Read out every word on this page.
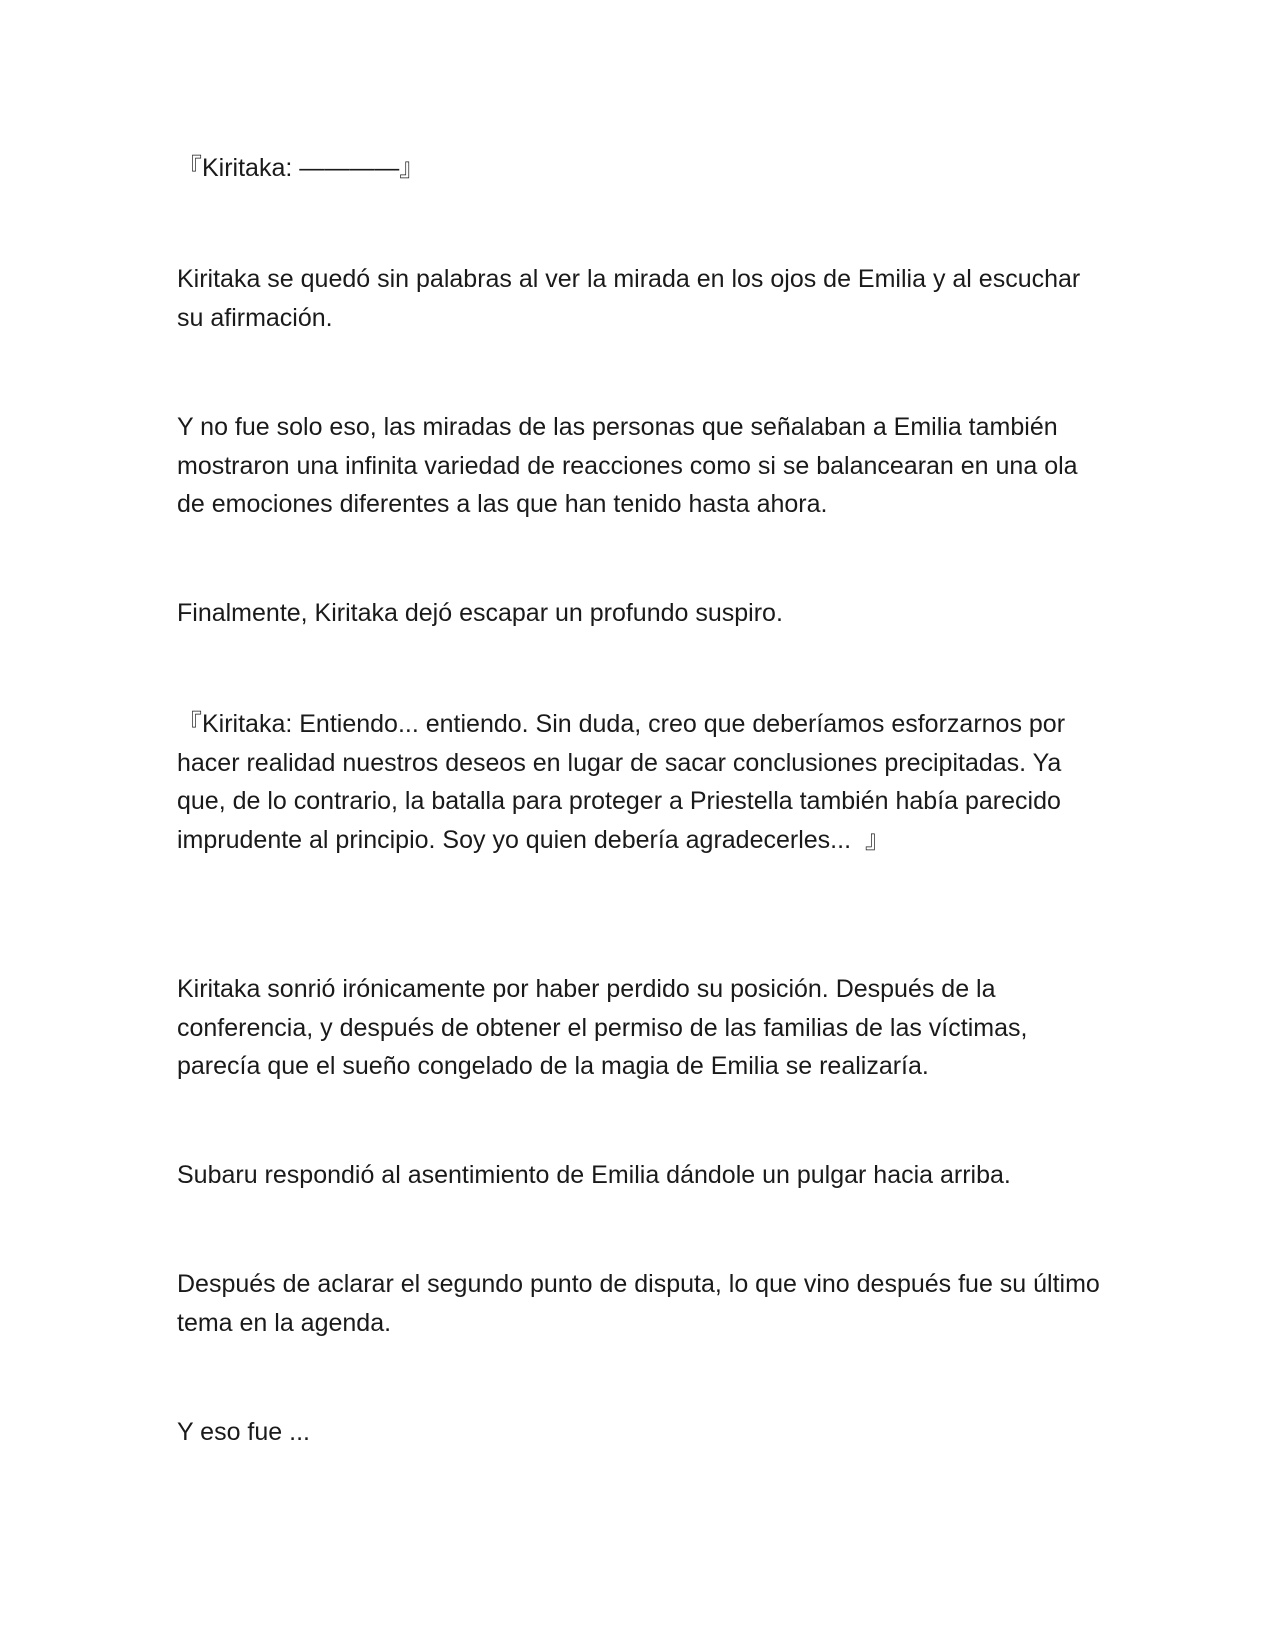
『Kiritaka: ————』

Kiritaka se quedó sin palabras al ver la mirada en los ojos de Emilia y al escuchar su afirmación.

Y no fue solo eso, las miradas de las personas que señalaban a Emilia también mostraron una infinita variedad de reacciones como si se balancearan en una ola de emociones diferentes a las que han tenido hasta ahora.

Finalmente, Kiritaka dejó escapar un profundo suspiro.

『Kiritaka: Entiendo... entiendo. Sin duda, creo que deberíamos esforzarnos por hacer realidad nuestros deseos en lugar de sacar conclusiones precipitadas. Ya que, de lo contrario, la batalla para proteger a Priestella también había parecido imprudente al principio. Soy yo quien debería agradecerles...  』

Kiritaka sonrió irónicamente por haber perdido su posición. Después de la conferencia, y después de obtener el permiso de las familias de las víctimas, parecía que el sueño congelado de la magia de Emilia se realizaría.

Subaru respondió al asentimiento de Emilia dándole un pulgar hacia arriba.

Después de aclarar el segundo punto de disputa, lo que vino después fue su último tema en la agenda.

Y eso fue ...
